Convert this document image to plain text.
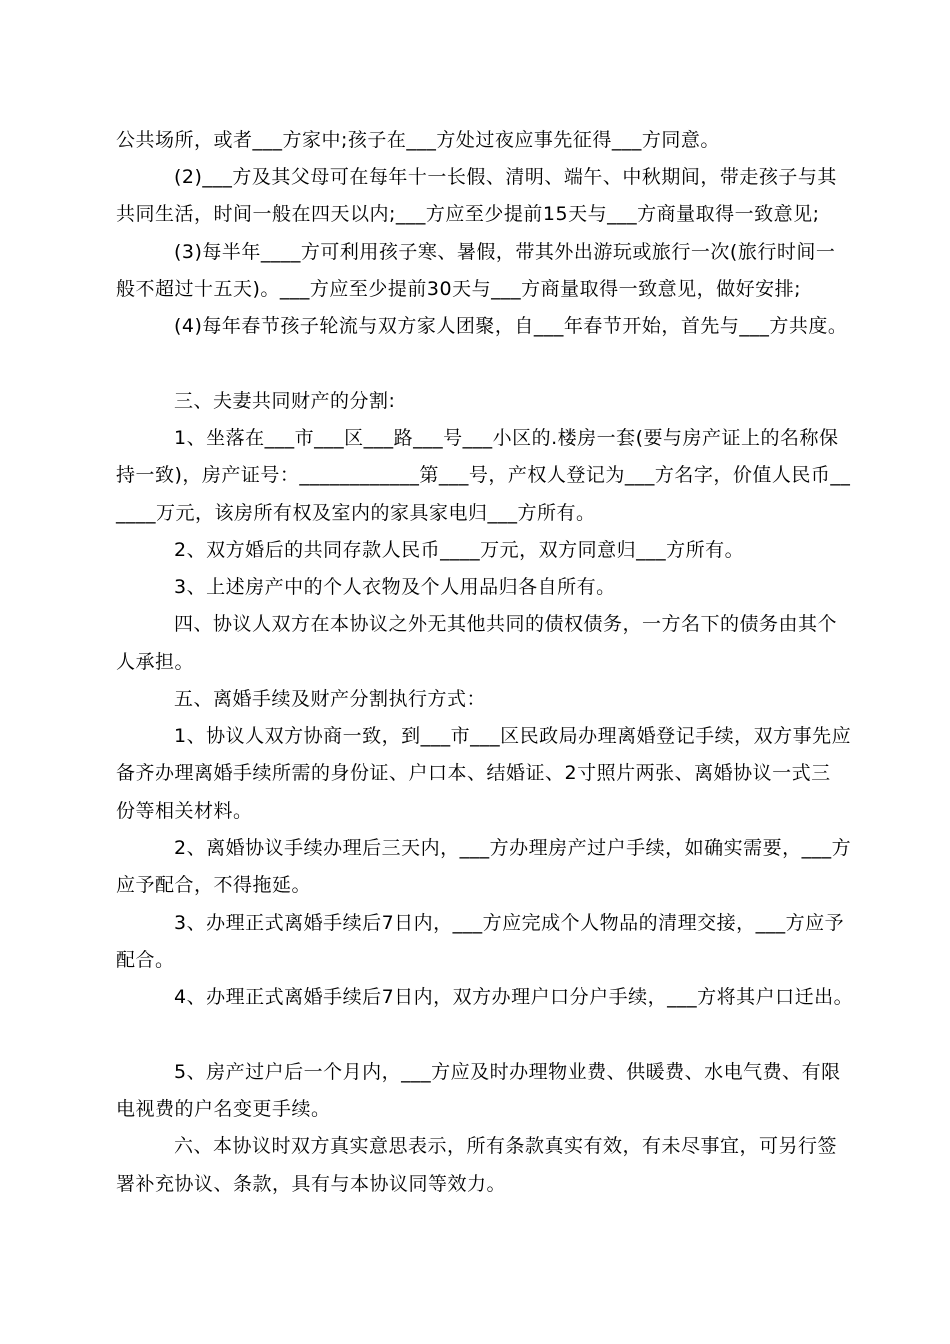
公共场所，或者___方家中;孩子在___方处过夜应事先征得___方同意。
(2)___方及其父母可在每年十一长假、清明、端午、中秋期间，带走孩子与其
共同生活，时间一般在四天以内;___方应至少提前15天与___方商量取得一致意见;
(3)每半年____方可利用孩子寒、暑假，带其外出游玩或旅行一次(旅行时间一
般不超过十五天)。___方应至少提前30天与___方商量取得一致意见，做好安排;
(4)每年春节孩子轮流与双方家人团聚，自___年春节开始，首先与___方共度。
三、夫妻共同财产的分割:
1、坐落在___市___区___路___号___小区的.楼房一套(要与房产证上的名称保
持一致)，房产证号：____________第___号，产权人登记为___方名字，价值人民币__
____万元，该房所有权及室内的家具家电归___方所有。
2、双方婚后的共同存款人民币____万元，双方同意归___方所有。
3、上述房产中的个人衣物及个人用品归各自所有。
四、协议人双方在本协议之外无其他共同的债权债务，一方名下的债务由其个
人承担。
五、离婚手续及财产分割执行方式：
1、协议人双方协商一致，到___市___区民政局办理离婚登记手续，双方事先应
备齐办理离婚手续所需的身份证、户口本、结婚证、2寸照片两张、离婚协议一式三
份等相关材料。
2、离婚协议手续办理后三天内，___方办理房产过户手续，如确实需要，___方
应予配合，不得拖延。
3、办理正式离婚手续后7日内，___方应完成个人物品的清理交接，___方应予
配合。
4、办理正式离婚手续后7日内，双方办理户口分户手续，___方将其户口迁出。
5、房产过户后一个月内，___方应及时办理物业费、供暖费、水电气费、有限
电视费的户名变更手续。
六、本协议时双方真实意思表示，所有条款真实有效，有未尽事宜，可另行签
署补充协议、条款，具有与本协议同等效力。
